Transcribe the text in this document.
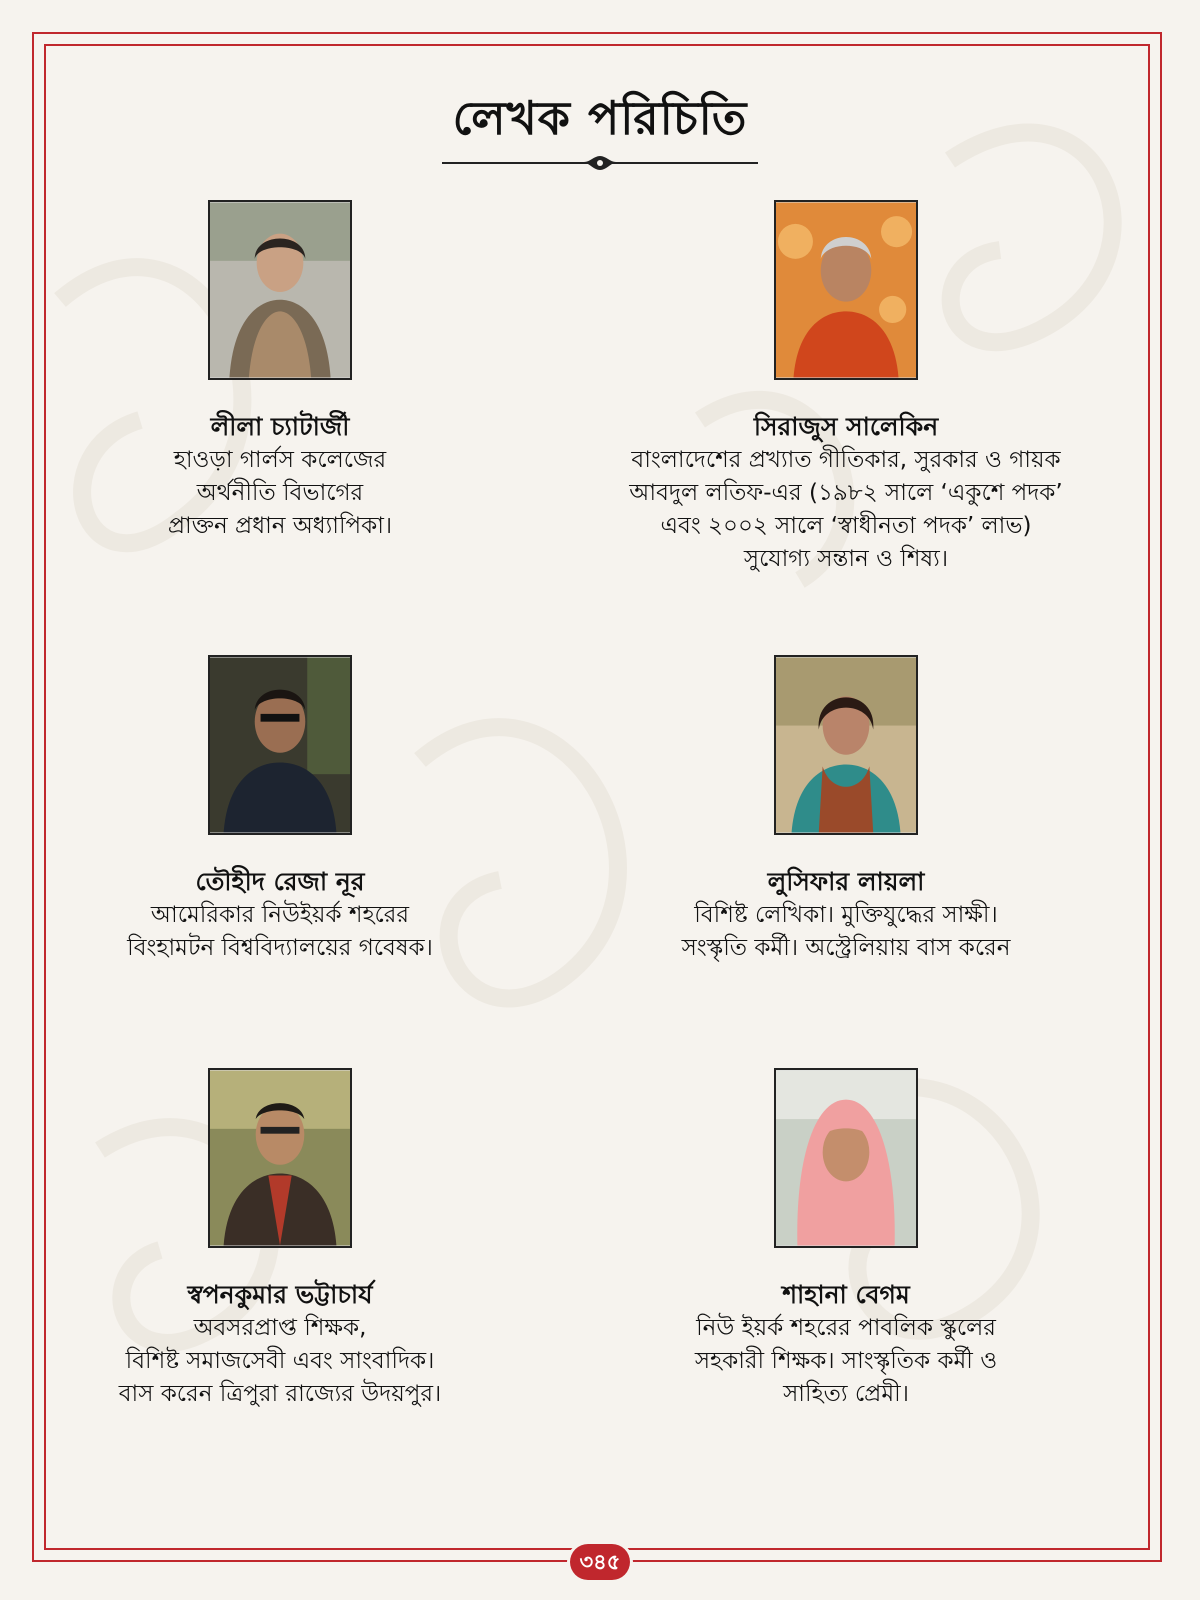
লেখক পরিচিতি
লীলা চ্যাটার্জী
হাওড়া গার্লস কলেজের
অর্থনীতি বিভাগের
প্রাক্তন প্রধান অধ্যাপিকা।
সিরাজুস সালেকিন
বাংলাদেশের প্রখ্যাত গীতিকার, সুরকার ও গায়ক
আবদুল লতিফ-এর (১৯৮২ সালে ‘একুশে পদক’
এবং ২০০২ সালে ‘স্বাধীনতা পদক’ লাভ)
সুযোগ্য সন্তান ও শিষ্য।
তৌহীদ রেজা নূর
আমেরিকার নিউইয়র্ক শহরের
বিংহামটন বিশ্ববিদ্যালয়ের গবেষক।
লুসিফার লায়লা
বিশিষ্ট লেখিকা। মুক্তিযুদ্ধের সাক্ষী।
সংস্কৃতি কর্মী। অস্ট্রেলিয়ায় বাস করেন
স্বপনকুমার ভট্টাচার্য
অবসরপ্রাপ্ত শিক্ষক,
বিশিষ্ট সমাজসেবী এবং সাংবাদিক।
বাস করেন ত্রিপুরা রাজ্যের উদয়পুর।
শাহানা বেগম
নিউ ইয়র্ক শহরের পাবলিক স্কুলের
সহকারী শিক্ষক। সাংস্কৃতিক কর্মী ও
সাহিত্য প্রেমী।
৩৪৫
